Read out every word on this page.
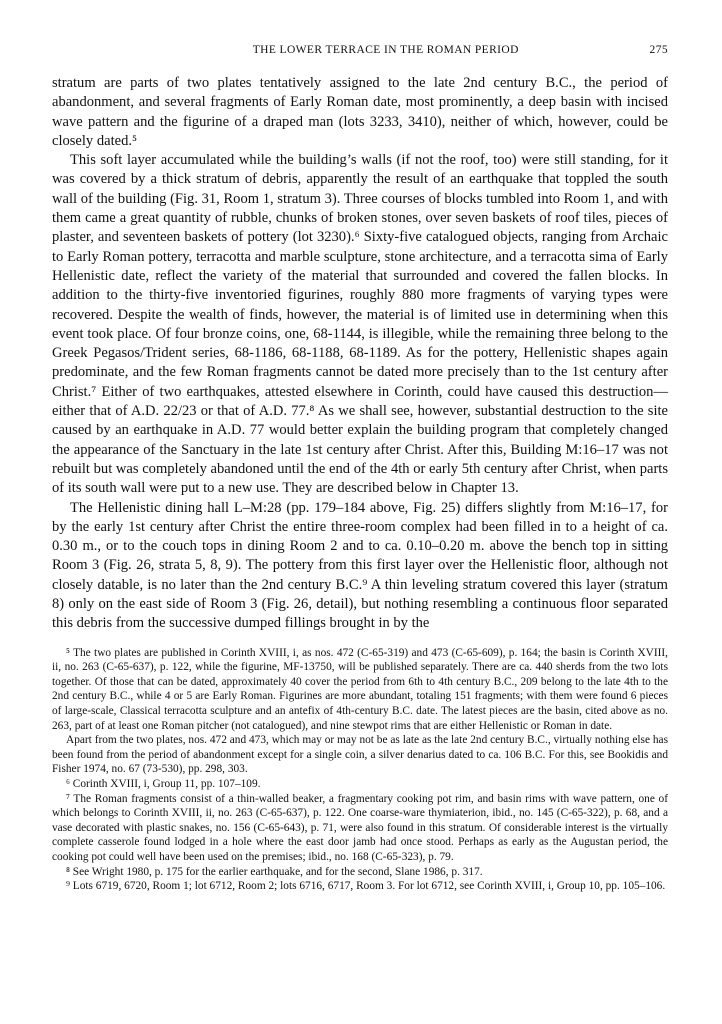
THE LOWER TERRACE IN THE ROMAN PERIOD	275

stratum are parts of two plates tentatively assigned to the late 2nd century B.C., the period of abandonment, and several fragments of Early Roman date, most prominently, a deep basin with incised wave pattern and the figurine of a draped man (lots 3233, 3410), neither of which, however, could be closely dated.⁵

This soft layer accumulated while the building’s walls (if not the roof, too) were still standing, for it was covered by a thick stratum of debris, apparently the result of an earthquake that toppled the south wall of the building (Fig. 31, Room 1, stratum 3). Three courses of blocks tumbled into Room 1, and with them came a great quantity of rubble, chunks of broken stones, over seven baskets of roof tiles, pieces of plaster, and seventeen baskets of pottery (lot 3230).⁶ Sixty-five catalogued objects, ranging from Archaic to Early Roman pottery, terracotta and marble sculpture, stone architecture, and a terracotta sima of Early Hellenistic date, reflect the variety of the material that surrounded and covered the fallen blocks. In addition to the thirty-five inventoried figurines, roughly 880 more fragments of varying types were recovered. Despite the wealth of finds, however, the material is of limited use in determining when this event took place. Of four bronze coins, one, 68-1144, is illegible, while the remaining three belong to the Greek Pegasos/Trident series, 68-1186, 68-1188, 68-1189. As for the pottery, Hellenistic shapes again predominate, and the few Roman fragments cannot be dated more precisely than to the 1st century after Christ.⁷ Either of two earthquakes, attested elsewhere in Corinth, could have caused this destruction—either that of A.D. 22/23 or that of A.D. 77.⁸ As we shall see, however, substantial destruction to the site caused by an earthquake in A.D. 77 would better explain the building program that completely changed the appearance of the Sanctuary in the late 1st century after Christ. After this, Building M:16–17 was not rebuilt but was completely abandoned until the end of the 4th or early 5th century after Christ, when parts of its south wall were put to a new use. They are described below in Chapter 13.

The Hellenistic dining hall L–M:28 (pp. 179–184 above, Fig. 25) differs slightly from M:16–17, for by the early 1st century after Christ the entire three-room complex had been filled in to a height of ca. 0.30 m., or to the couch tops in dining Room 2 and to ca. 0.10–0.20 m. above the bench top in sitting Room 3 (Fig. 26, strata 5, 8, 9). The pottery from this first layer over the Hellenistic floor, although not closely datable, is no later than the 2nd century B.C.⁹ A thin leveling stratum covered this layer (stratum 8) only on the east side of Room 3 (Fig. 26, detail), but nothing resembling a continuous floor separated this debris from the successive dumped fillings brought in by the

⁵ The two plates are published in Corinth XVIII, i, as nos. 472 (C-65-319) and 473 (C-65-609), p. 164; the basin is Corinth XVIII, ii, no. 263 (C-65-637), p. 122, while the figurine, MF-13750, will be published separately. There are ca. 440 sherds from the two lots together. Of those that can be dated, approximately 40 cover the period from 6th to 4th century B.C., 209 belong to the late 4th to the 2nd century B.C., while 4 or 5 are Early Roman. Figurines are more abundant, totaling 151 fragments; with them were found 6 pieces of large-scale, Classical terracotta sculpture and an antefix of 4th-century B.C. date. The latest pieces are the basin, cited above as no. 263, part of at least one Roman pitcher (not catalogued), and nine stewpot rims that are either Hellenistic or Roman in date.

Apart from the two plates, nos. 472 and 473, which may or may not be as late as the late 2nd century B.C., virtually nothing else has been found from the period of abandonment except for a single coin, a silver denarius dated to ca. 106 B.C. For this, see Bookidis and Fisher 1974, no. 67 (73-530), pp. 298, 303.

⁶ Corinth XVIII, i, Group 11, pp. 107–109.

⁷ The Roman fragments consist of a thin-walled beaker, a fragmentary cooking pot rim, and basin rims with wave pattern, one of which belongs to Corinth XVIII, ii, no. 263 (C-65-637), p. 122. One coarse-ware thymiaterion, ibid., no. 145 (C-65-322), p. 68, and a vase decorated with plastic snakes, no. 156 (C-65-643), p. 71, were also found in this stratum. Of considerable interest is the virtually complete casserole found lodged in a hole where the east door jamb had once stood. Perhaps as early as the Augustan period, the cooking pot could well have been used on the premises; ibid., no. 168 (C-65-323), p. 79.

⁸ See Wright 1980, p. 175 for the earlier earthquake, and for the second, Slane 1986, p. 317.

⁹ Lots 6719, 6720, Room 1; lot 6712, Room 2; lots 6716, 6717, Room 3. For lot 6712, see Corinth XVIII, i, Group 10, pp. 105–106.
